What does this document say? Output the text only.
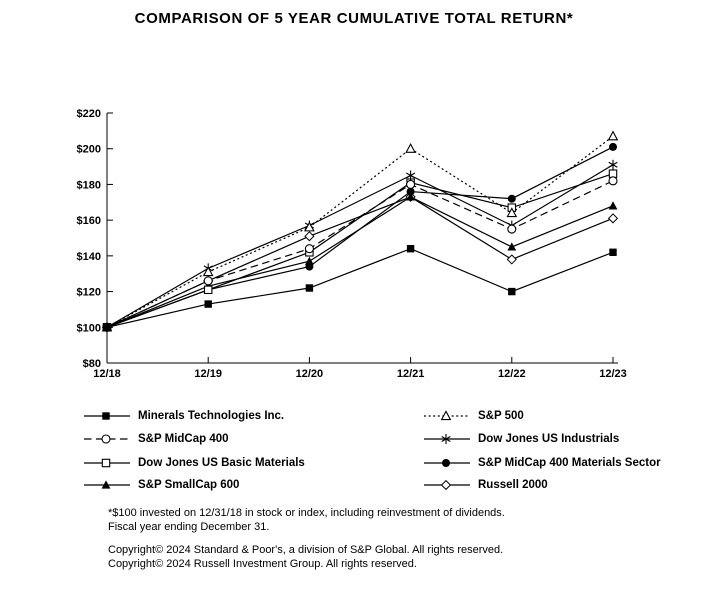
COMPARISON OF 5 YEAR CUMULATIVE TOTAL RETURN*
$80
$100
$120
$140
$160
$180
$200
$220
12/18	12/19	12/20	12/21	12/22	12/23
Minerals Technologies Inc.	S&P 500
S&P MidCap 400	Dow Jones US Industrials
Dow Jones US Basic Materials	S&P MidCap 400 Materials Sector
S&P SmallCap 600	Russell 2000

*$100 invested on 12/31/18 in stock or index, including reinvestment of dividends.

Fiscal year ending December 31.

Copyright© 2024 Standard & Poor's, a division of S&P Global. All rights reserved.

Copyright© 2024 Russell Investment Group. All rights reserved.
